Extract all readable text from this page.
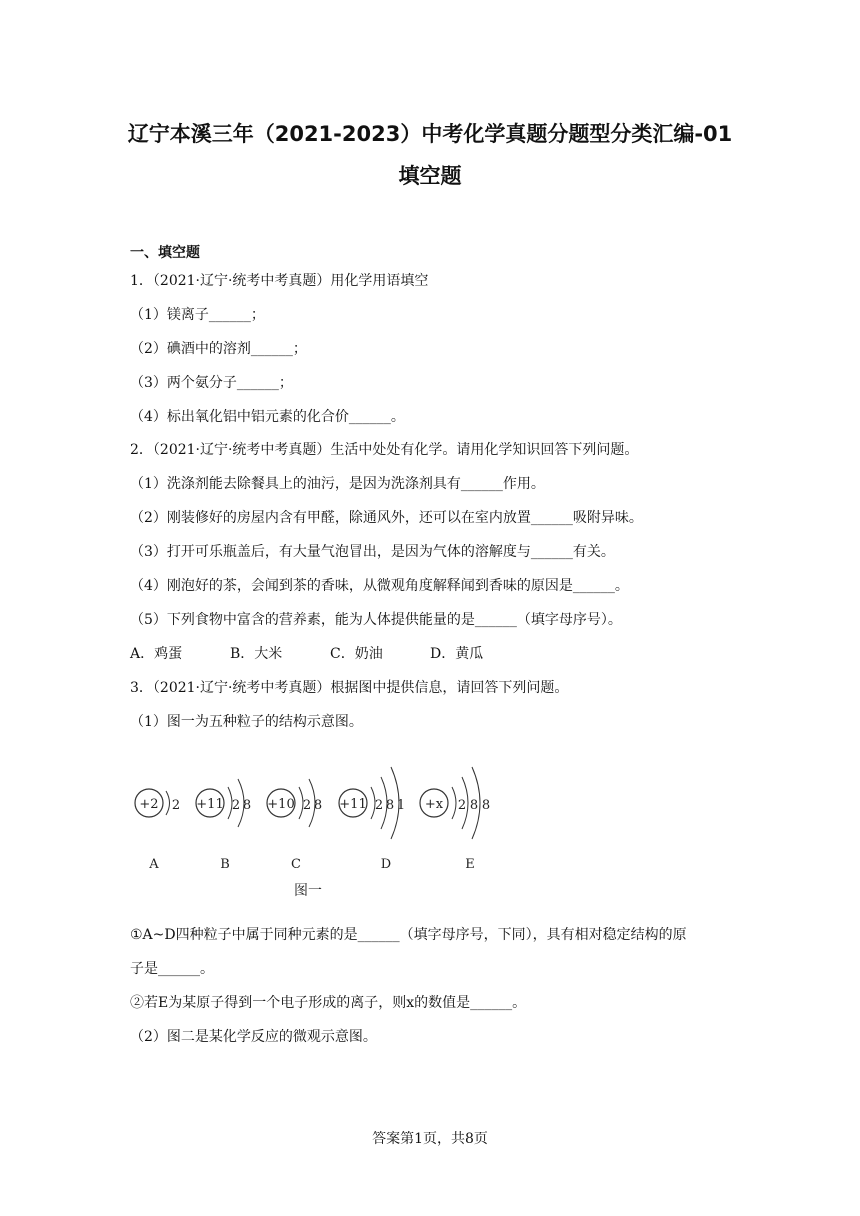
辽宁本溪三年（2021-2023）中考化学真题分题型分类汇编-01
填空题
一、填空题
1．（2021·辽宁·统考中考真题）用化学用语填空
（1）镁离子______；
（2）碘酒中的溶剂______；
（3）两个氨分子______；
（4）标出氧化铝中铝元素的化合价______。
2．（2021·辽宁·统考中考真题）生活中处处有化学。请用化学知识回答下列问题。
（1）洗涤剂能去除餐具上的油污，是因为洗涤剂具有______作用。
（2）刚装修好的房屋内含有甲醛，除通风外，还可以在室内放置______吸附异味。
（3）打开可乐瓶盖后，有大量气泡冒出，是因为气体的溶解度与______有关。
（4）刚泡好的茶，会闻到茶的香味，从微观角度解释闻到香味的原因是______。
（5）下列食物中富含的营养素，能为人体提供能量的是______（填字母序号）。
A．鸡蛋	B．大米	C．奶油	D．黄瓜
3．（2021·辽宁·统考中考真题）根据图中提供信息，请回答下列问题。
（1）图一为五种粒子的结构示意图。
+2 2
A
+11 2 8
B
+10 2 8
C
+11 2 8 1
D
+x 2 8 8
E
图一
①A~D四种粒子中属于同种元素的是______（填字母序号，下同），具有相对稳定结构的原
子是______。
②若E为某原子得到一个电子形成的离子，则x的数值是______。
（2）图二是某化学反应的微观示意图。
答案第1页，共8页
